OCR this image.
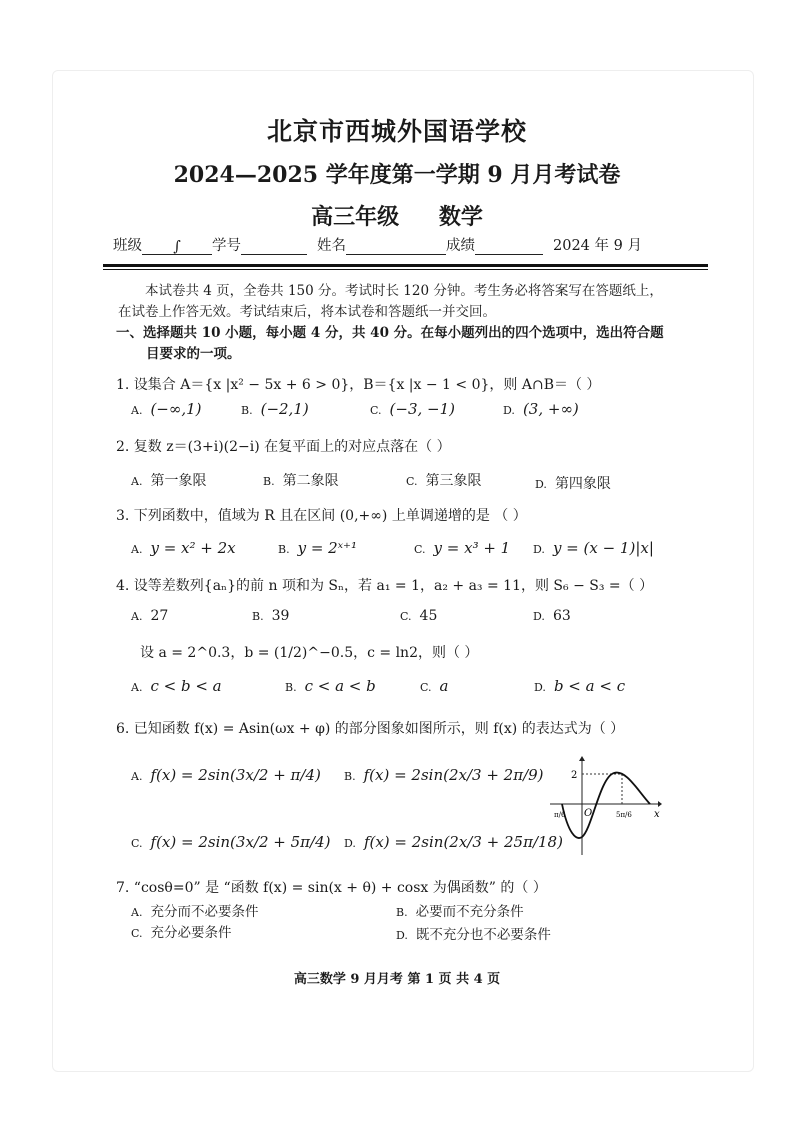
北京市西城外国语学校
2024—2025 学年度第一学期 9 月月考试卷
高三年级 数学
班级 ∫ 学号	姓名	成绩	2024 年 9 月
本试卷共 4 页，全卷共 150 分。考试时长 120 分钟。考生务必将答案写在答题纸上，
在试卷上作答无效。考试结束后，将本试卷和答题纸一并交回。
一、选择题共 10 小题，每小题 4 分，共 40 分。在每小题列出的四个选项中，选出符合题
目要求的一项。
1. 设集合 A＝{x |x² − 5x + 6 > 0}，B＝{x |x − 1 < 0}，则 A∩B＝（ ）
A. (−∞,1)	B. (−2,1)	C. (−3, −1)	D. (3, +∞)
2. 复数 z＝(3+i)(2−i) 在复平面上的对应点落在（ ）
A. 第一象限	B. 第二象限	C. 第三象限	D. 第四象限
3. 下列函数中，值域为 R 且在区间 (0,+∞) 上单调递增的是 （ ）
A. y = x² + 2x	B. y = 2ˣ⁺¹	C. y = x³ + 1 D. y = (x − 1)|x|
4. 设等差数列{aₙ}的前 n 项和为 Sₙ，若 a₁ = 1，a₂ + a₃ = 11，则 S₆ − S₃ =（ ）
A. 27	B. 39	C. 45	D. 63
设 a = 2^0.3，b = (1/2)^−0.5，c = ln2，则（ ）
A. c < b < a	B. c < a < b	C. a	D. b < a < c
6. 已知函数 f(x) = Asin(ωx + φ) 的部分图象如图所示，则 f(x) 的表达式为（ ）
A. f(x) = 2sin(3x/2 + π/4) B. f(x) = 2sin(2x/3 + 2π/9)
C. f(x) = 2sin(3x/2 + 5π/4) D. f(x) = 2sin(2x/3 + 25π/18)
2
O	x
π/6	5π/6
7. “cosθ=0” 是 “函数 f(x) = sin(x + θ) + cosx 为偶函数” 的（ ）
A. 充分而不必要条件	B. 必要而不充分条件
C. 充分必要条件	D. 既不充分也不必要条件
高三数学 9 月月考 第 1 页 共 4 页
